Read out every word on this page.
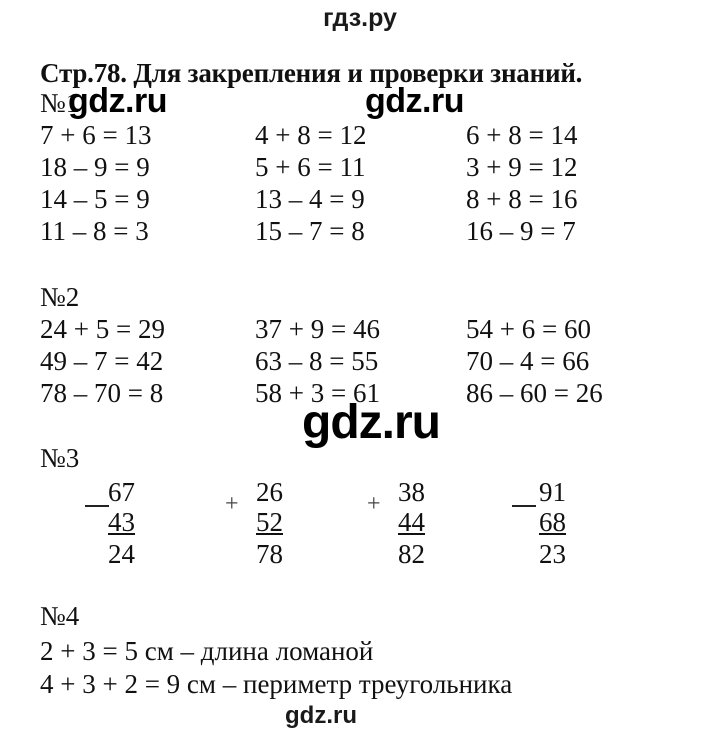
гдз.ру
Стр.78. Для закрепления и проверки знаний.
№1
gdz.ru	gdz.ru
7 + 6 = 13
18 – 9 = 9
14 – 5 = 9
11 – 8 = 3
4 + 8 = 12
5 + 6 = 11
13 – 4 = 9
15 – 7 = 8
6 + 8 = 14
3 + 9 = 12
8 + 8 = 16
16 – 9 = 7
№2
24 + 5 = 29
49 – 7 = 42
78 – 70 = 8
37 + 9 = 46
63 – 8 = 55
58 + 3 = 61
54 + 6 = 60
70 – 4 = 66
86 – 60 = 26
gdz.ru
№3
67
43
24
+ 26
52
78
+ 38
44
82
91
68
23
№4
2 + 3 = 5 см – длина ломаной
4 + 3 + 2 = 9 см – периметр треугольника
gdz.ru
